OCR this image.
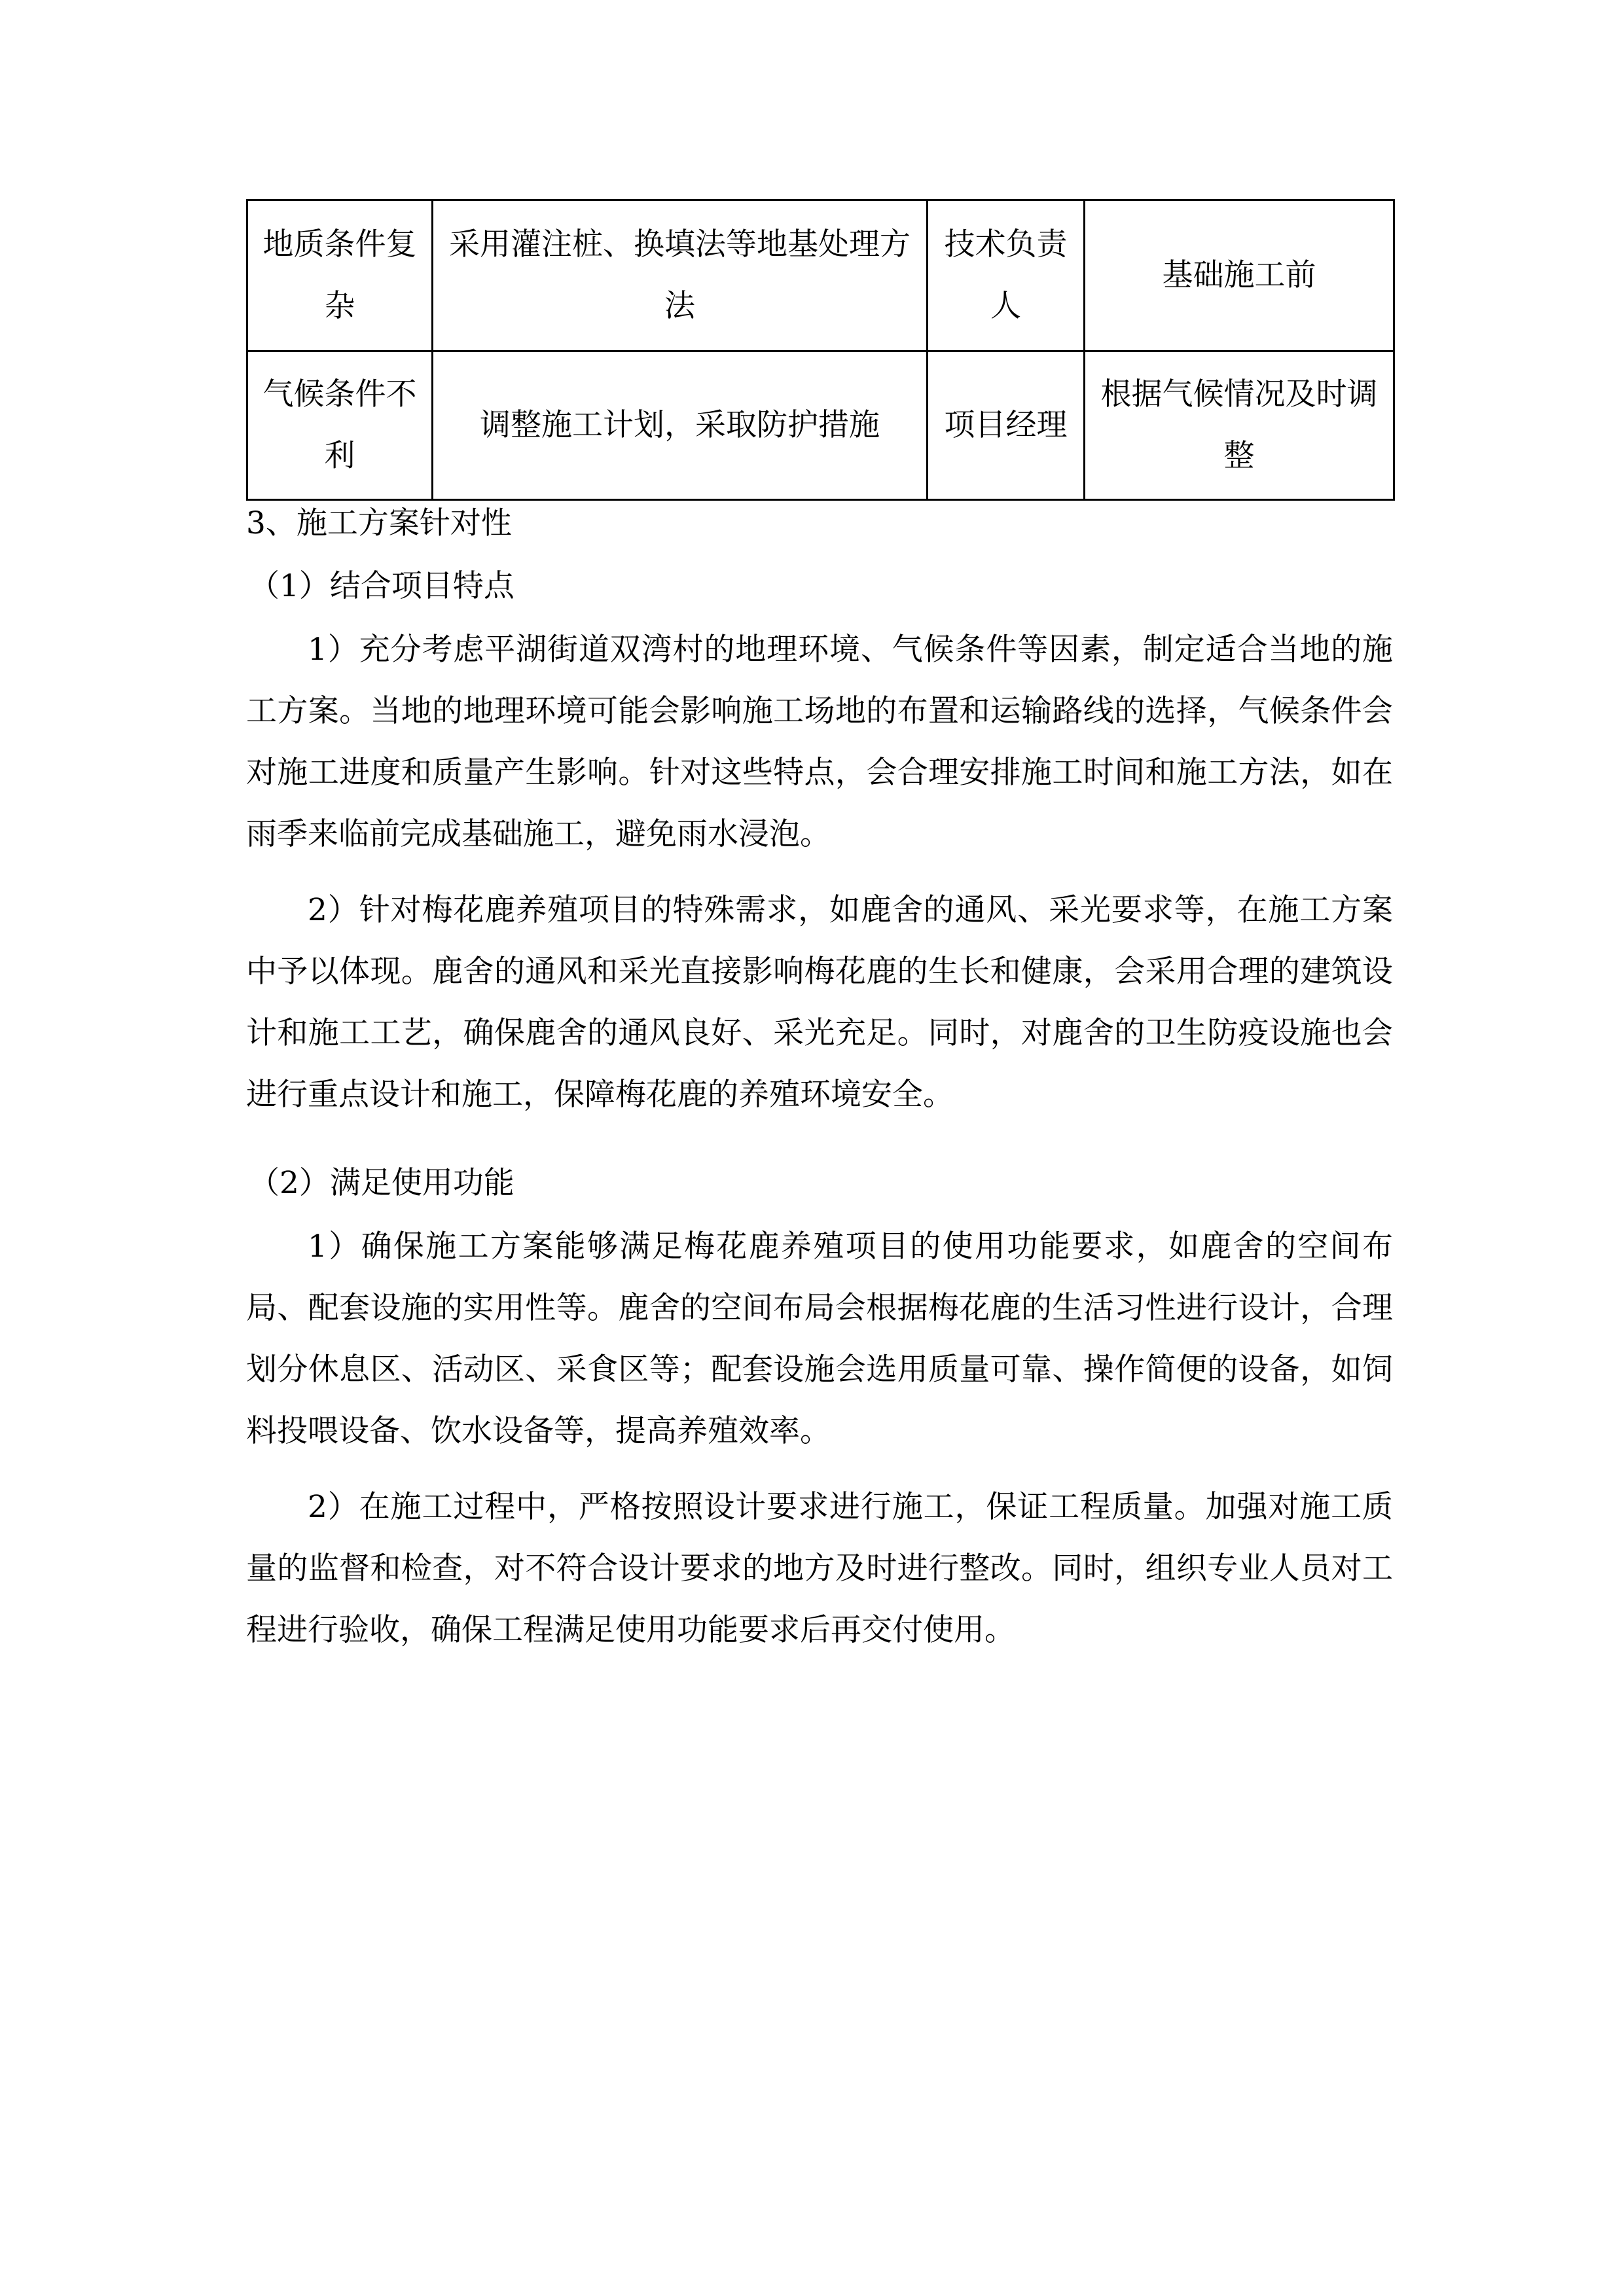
地质条件复杂	采用灌注桩、换填法等地基处理方法	技术负责人	基础施工前
气候条件不利	调整施工计划，采取防护措施	项目经理	根据气候情况及时调整
3、施工方案针对性
（1）结合项目特点

1）充分考虑平湖街道双湾村的地理环境、气候条件等因素，制定适合当地的施工方案。当地的地理环境可能会影响施工场地的布置和运输路线的选择，气候条件会对施工进度和质量产生影响。针对这些特点，会合理安排施工时间和施工方法，如在雨季来临前完成基础施工，避免雨水浸泡。

2）针对梅花鹿养殖项目的特殊需求，如鹿舍的通风、采光要求等，在施工方案中予以体现。鹿舍的通风和采光直接影响梅花鹿的生长和健康，会采用合理的建筑设计和施工工艺，确保鹿舍的通风良好、采光充足。同时，对鹿舍的卫生防疫设施也会进行重点设计和施工，保障梅花鹿的养殖环境安全。

（2）满足使用功能

1）确保施工方案能够满足梅花鹿养殖项目的使用功能要求，如鹿舍的空间布局、配套设施的实用性等。鹿舍的空间布局会根据梅花鹿的生活习性进行设计，合理划分休息区、活动区、采食区等；配套设施会选用质量可靠、操作简便的设备，如饲料投喂设备、饮水设备等，提高养殖效率。

2）在施工过程中，严格按照设计要求进行施工，保证工程质量。加强对施工质量的监督和检查，对不符合设计要求的地方及时进行整改。同时，组织专业人员对工程进行验收，确保工程满足使用功能要求后再交付使用。
